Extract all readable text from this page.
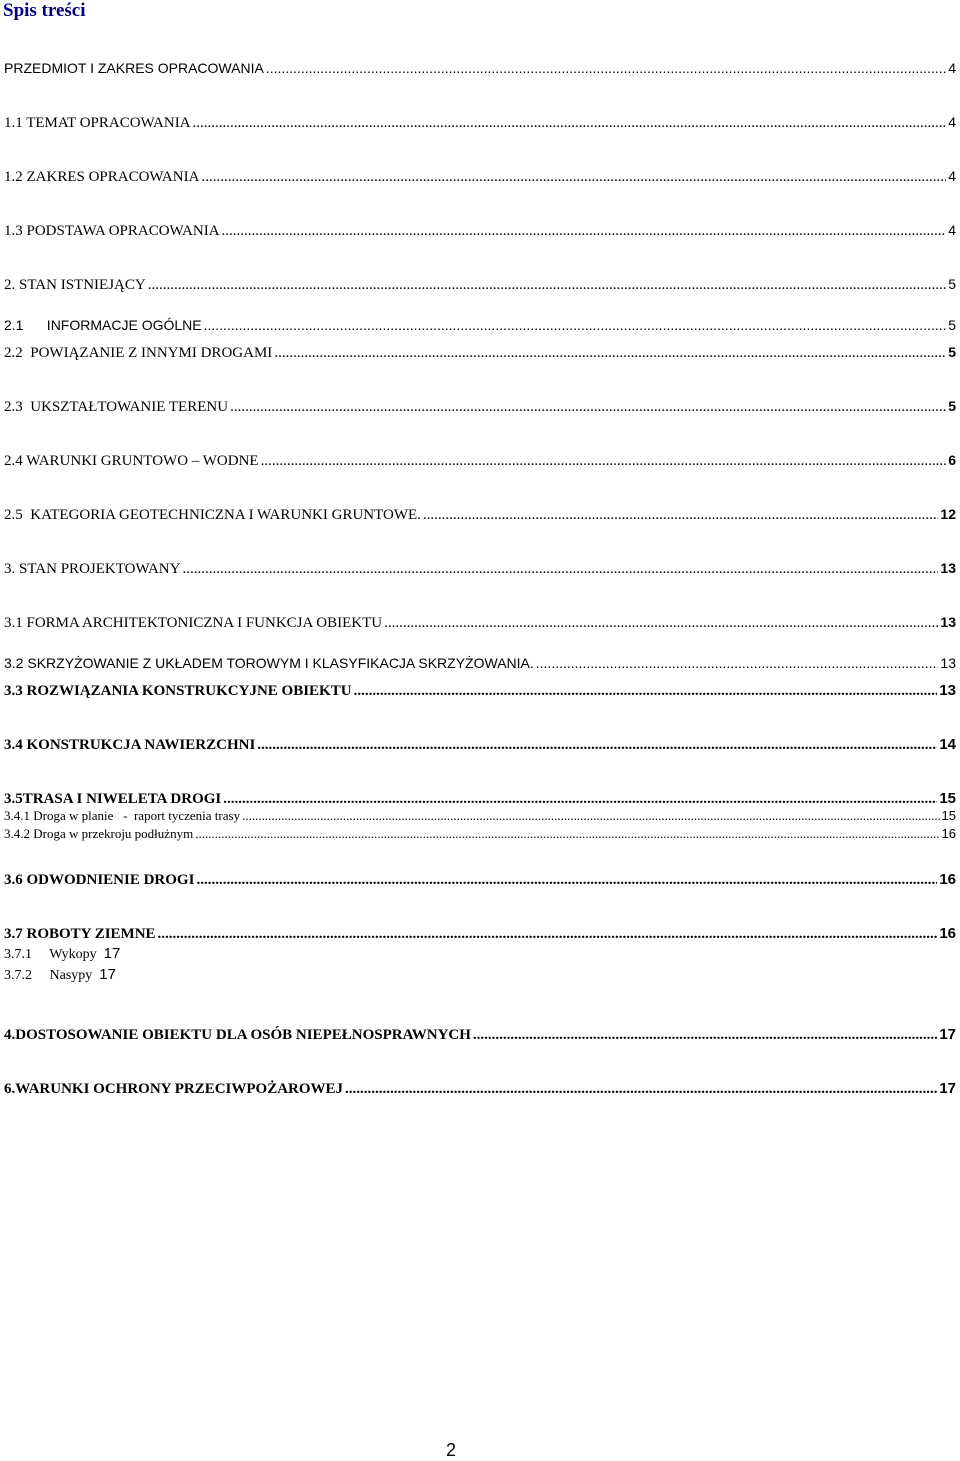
Spis treści
PRZEDMIOT I ZAKRES OPRACOWANIA .....	4
1.1 TEMAT OPRACOWANIA .....	4
1.2 ZAKRES OPRACOWANIA .....	4
1.3 PODSTAWA OPRACOWANIA .....	4
2. STAN ISTNIEJĄCY .....	5
2.1      INFORMACJE OGÓLNE .....	5
2.2  POWIĄZANIE Z INNYMI DROGAMI .....	5
2.3  UKSZTAŁTOWANIE TERENU .....	5
2.4 WARUNKI GRUNTOWO – WODNE .....	6
2.5  KATEGORIA GEOTECHNICZNA I WARUNKI GRUNTOWE. .....	12
3. STAN PROJEKTOWANY .....	13
3.1 FORMA ARCHITEKTONICZNA I FUNKCJA OBIEKTU .....	13
3.2 SKRZYŻOWANIE Z UKŁADEM TOROWYM I KLASYFIKACJA SKRZYŻOWANIA. .....	13
3.3 ROZWIĄZANIA KONSTRUKCYJNE OBIEKTU .....	13
3.4 KONSTRUKCJA NAWIERZCHNI .....	14
3.5TRASA I NIWELETA DROGI .....	15
3.4.1 Droga w planie   -  raport tyczenia trasy .....	15
3.4.2 Droga w przekroju podłużnym .....	16
3.6 ODWODNIENIE DROGI .....	16
3.7 ROBOTY ZIEMNE .....	16
3.7.1     Wykopy 17
3.7.2     Nasypy 17
4.DOSTOSOWANIE OBIEKTU DLA OSÓB NIEPEŁNOSPRAWNYCH .....	17
6.WARUNKI OCHRONY PRZECIWPOŻAROWEJ .....	17
2
